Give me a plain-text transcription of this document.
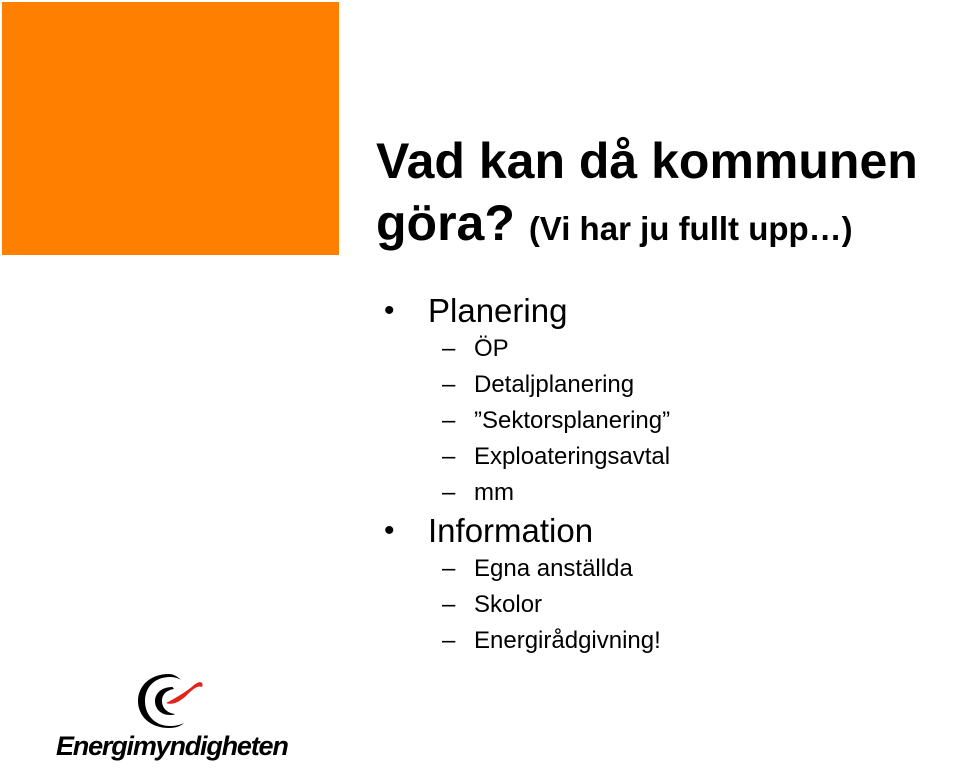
Vad kan då kommunen göra? (Vi har ju fullt upp…)
• Planering
– ÖP
– Detaljplanering
– ”Sektorsplanering”
– Exploateringsavtal
– mm
• Information
– Egna anställda
– Skolor
– Energirådgivning!
Energimyndigheten
